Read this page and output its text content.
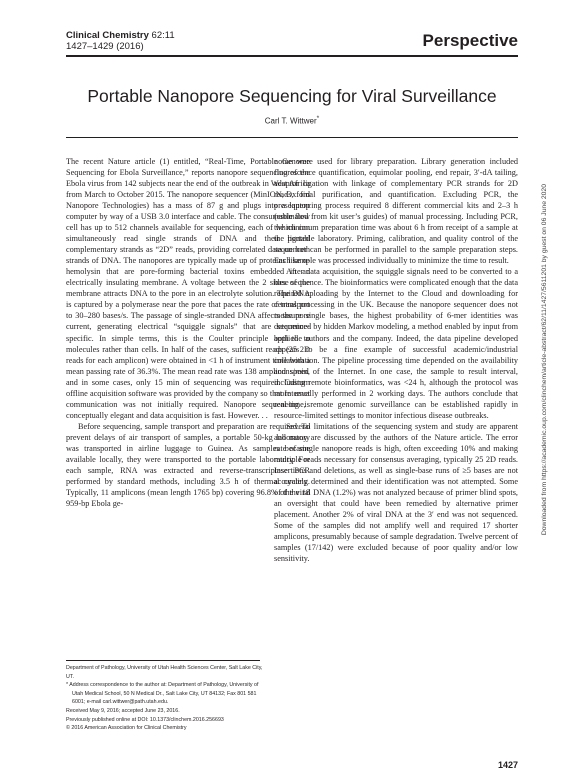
Clinical Chemistry 62:11
1427–1429 (2016)	Perspective
Portable Nanopore Sequencing for Viral Surveillance
Carl T. Wittwer*

The recent Nature article (1) entitled, “Real-Time, Portable Genome Sequencing for Ebola Surveillance,” reports nanopore sequencing of the Ebola virus from 142 subjects near the end of the outbreak in West Africa from March to October 2015. The nanopore sequencer (MinION, Oxford Nanopore Technologies) has a mass of 87 g and plugs into a laptop computer by way of a USB 3.0 interface and cable. The consumable flow cell has up to 512 channels available for sequencing, each of which can simultaneously read single strands of DNA and their ligated complementary strands as “2D” reads, providing correlated data on both strands of DNA. The nanopores are typically made up of proteins like α-hemolysin that are pore-forming bacterial toxins embedded in an electrically insulating membrane. A voltage between the 2 sides of the membrane attracts DNA to the pore in an electrolyte solution. The DNA is captured by a polymerase near the pore that paces the rate of transport to 30–280 bases/s. The passage of single-stranded DNA affects the pore current, generating electrical “squiggle signals” that are sequence-specific. In simple terms, this is the Coulter principle applied to molecules rather than cells. In half of the cases, sufficient reads (25 2D reads for each amplicon) were obtained in <1 h of instrument time with a mean passing rate of 36.3%. The mean read rate was 138 amplicons/min, and in some cases, only 15 min of sequencing was required. Custom offline acquisition software was provided by the company so that Internet communication was not initially required. Nanopore sequencing is conceptually elegant and data acquisition is fast. However. . .

Before sequencing, sample transport and preparation are required. To prevent delays of air transport of samples, a portable 50-kg laboratory was transported in airline luggage to Guinea. As samples became available locally, they were transported to the portable laboratory. For each sample, RNA was extracted and reverse-transcriptase PCR performed by standard methods, including 3.5 h of thermal cycling. Typically, 11 amplicons (mean length 1765 bp) covering 96.8% of the 18 959-bp Ebola ge-

nome were used for library preparation. Library generation included fluorescence quantification, equimolar pooling, end repair, 3′-dA tailing, adaptor ligation with linkage of complementary PCR strands for 2D reads, final purification, and quantification. Excluding PCR, the presequencing process required 8 different commercial kits and 2–3 h (estimated from kit user’s guides) of manual processing. Including PCR, the minimum preparation time was about 6 h from receipt of a sample at the portable laboratory. Priming, calibration, and quality control of the sequencer can be performed in parallel to the sample preparation steps. Each sample was processed individually to minimize the time to result.

After data acquisition, the squiggle signals need to be converted to a base sequence. The bioinformatics were complicated enough that the data required uploading by the Internet to the Cloud and downloading for central processing in the UK. Because the nanopore sequencer does not measure single bases, the highest probability of 6-mer identities was determined by hidden Markov modeling, a method enabled by input from both the authors and the company. Indeed, the data pipeline developed appears to be a fine example of successful academic/industrial collaboration. The pipeline processing time depended on the availability and speed of the Internet. In one case, the sample to result interval, including remote bioinformatics, was <24 h, although the protocol was more usually performed in 2 working days. The authors conclude that real-time, remote genomic surveillance can be established rapidly in resource-limited settings to monitor infectious disease outbreaks.

Several limitations of the sequencing system and study are apparent and many are discussed by the authors of the Nature article. The error rate of single nanopore reads is high, often exceeding 10% and making multiple reads necessary for consensus averaging, typically 25 2D reads. Insertions and deletions, as well as single-base runs of ≥5 bases are not accurately determined and their identification was not attempted. Some of the viral DNA (1.2%) was not analyzed because of primer blind spots, an oversight that could have been remedied by alternative primer placement. Another 2% of viral DNA at the 3′ end was not sequenced. Some of the samples did not amplify well and required 17 shorter amplicons, presumably because of sample degradation. Twelve percent of samples (17/142) were excluded because of poor quality and/or low sensitivity.

Department of Pathology, University of Utah Health Sciences Center, Salt Lake City, UT.

* Address correspondence to the author at: Department of Pathology, University of Utah Medical School, 50 N Medical Dr., Salt Lake City, UT 84132; Fax 801 581 6001; e-mail carl.wittwer@path.utah.edu.

Received May 9, 2016; accepted June 23, 2016.

Previously published online at DOI: 10.1373/clinchem.2016.256693

© 2016 American Association for Clinical Chemistry

1427
Downloaded from https://academic.oup.com/clinchem/article-abstract/62/11/1427/5611201 by guest on 06 June 2020
